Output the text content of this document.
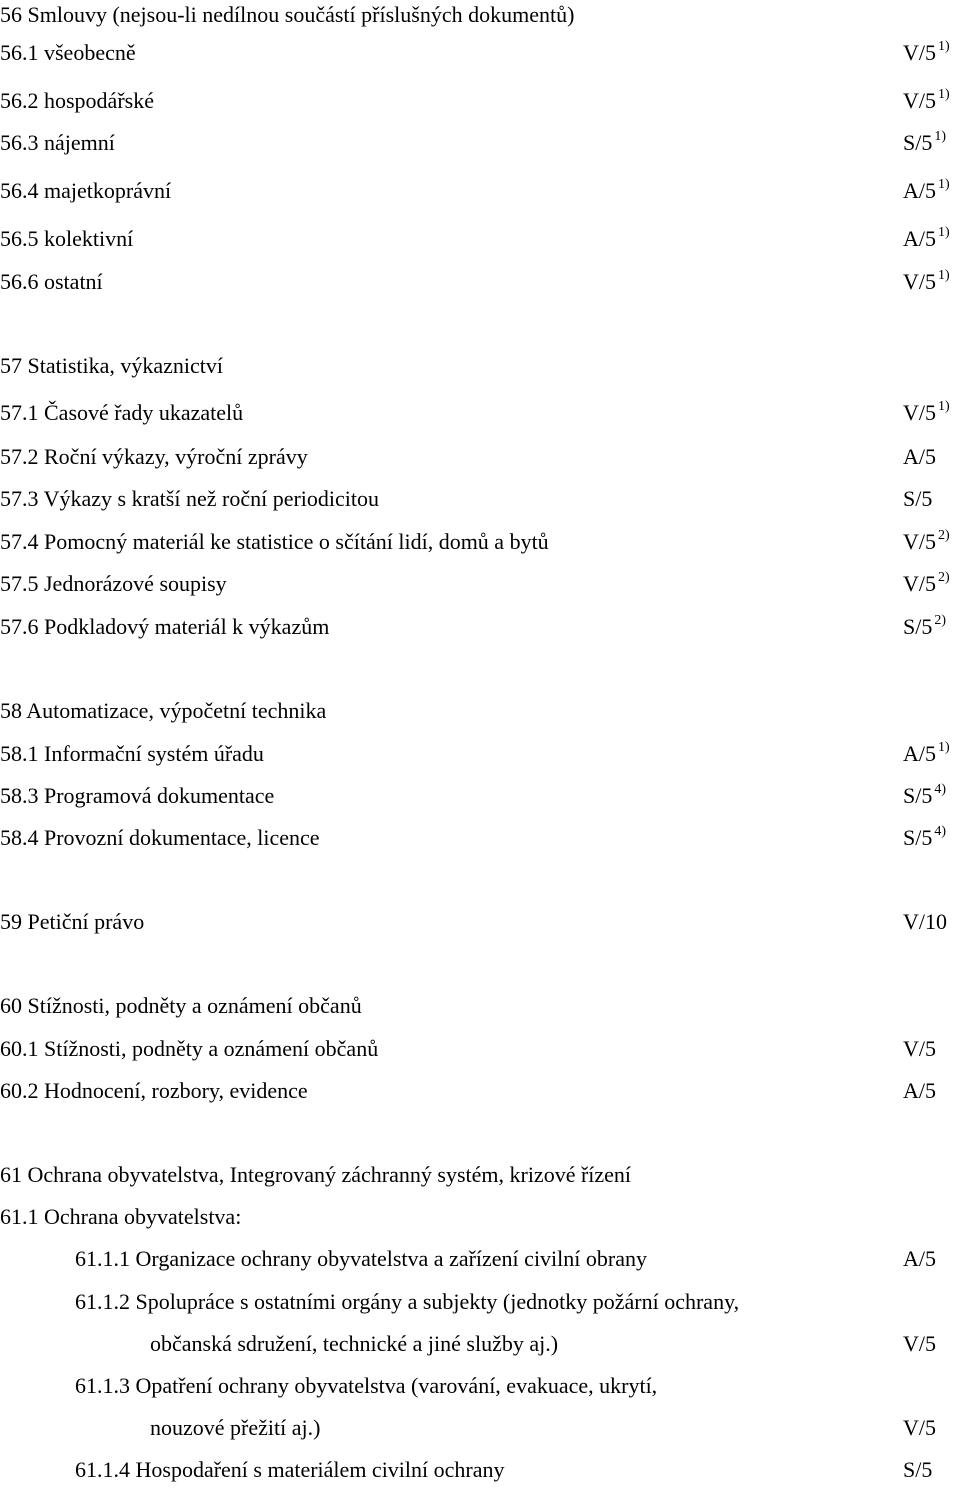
56 Smlouvy (nejsou-li nedílnou součástí příslušných dokumentů)
56.1 všeobecně	V/5 $^{1)}$
56.2 hospodářské	V/5 $^{1)}$
56.3 nájemní	S/5 $^{1)}$
56.4 majetkoprávní	A/5 $^{1)}$
56.5 kolektivní	A/5 $^{1)}$
56.6 ostatní	V/5 $^{1)}$
57 Statistika, výkaznictví
57.1 Časové řady ukazatelů	V/5 $^{1)}$
57.2 Roční výkazy, výroční zprávy	A/5
57.3 Výkazy s kratší než roční periodicitou	S/5
57.4 Pomocný materiál ke statistice o sčítání lidí, domů a bytů	V/5 $^{2)}$
57.5 Jednorázové soupisy	V/5 $^{2)}$
57.6 Podkladový materiál k výkazům	S/5 $^{2)}$
58 Automatizace, výpočetní technika
58.1 Informační systém úřadu	A/5 $^{1)}$
58.3 Programová dokumentace	S/5 $^{4)}$
58.4 Provozní dokumentace, licence	S/5 $^{4)}$
59 Petiční právo	V/10
60 Stížnosti, podněty a oznámení občanů
60.1 Stížnosti, podněty a oznámení občanů	V/5
60.2 Hodnocení, rozbory, evidence	A/5
61 Ochrana obyvatelstva, Integrovaný záchranný systém, krizové řízení
61.1 Ochrana obyvatelstva:
61.1.1 Organizace ochrany obyvatelstva a zařízení civilní obrany	A/5
61.1.2 Spolupráce s ostatními orgány a subjekty (jednotky požární ochrany,
občanská sdružení, technické a jiné služby aj.)	V/5
61.1.3 Opatření ochrany obyvatelstva (varování, evakuace, ukrytí,
nouzové přežití aj.)	V/5
61.1.4 Hospodaření s materiálem civilní ochrany	S/5
